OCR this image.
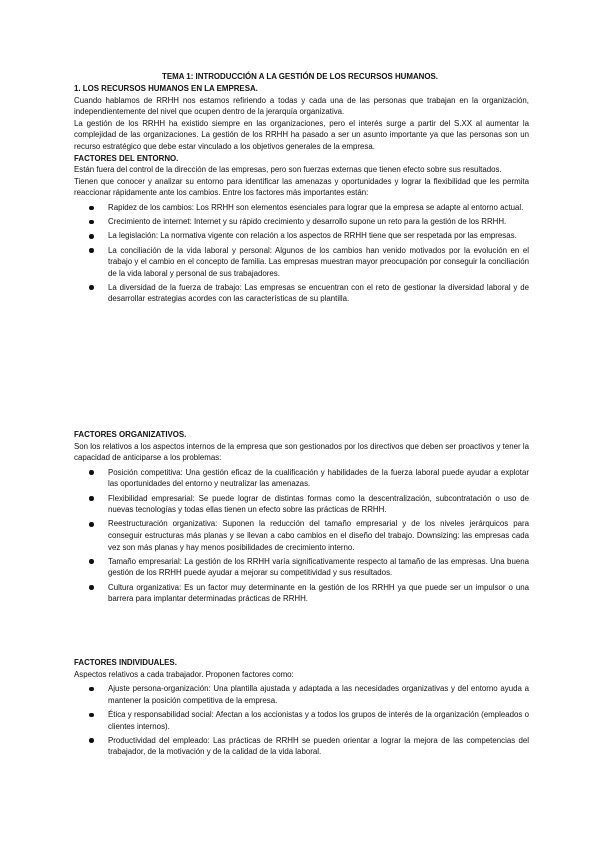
TEMA 1: INTRODUCCIÓN A LA GESTIÓN DE LOS RECURSOS HUMANOS.

1. LOS RECURSOS HUMANOS EN LA EMPRESA.

Cuando hablamos de RRHH nos estamos refiriendo a todas y cada una de las personas que trabajan en la organización, independientemente del nivel que ocupen dentro de la jerarquía organizativa.

La gestión de los RRHH ha existido siempre en las organizaciones, pero el interés surge a partir del S.XX al aumentar la complejidad de las organizaciones. La gestión de los RRHH ha pasado a ser un asunto importante ya que las personas son un recurso estratégico que debe estar vinculado a los objetivos generales de la empresa.

FACTORES DEL ENTORNO.

Están fuera del control de la dirección de las empresas, pero son fuerzas externas que tienen efecto sobre sus resultados.

Tienen que conocer y analizar su entorno para identificar las amenazas y oportunidades y lograr la flexibilidad que les permita reaccionar rápidamente ante los cambios. Entre los factores más importantes están:

Rapidez de los cambios: Los RRHH son elementos esenciales para lograr que la empresa se adapte al entorno actual.
Crecimiento de internet: Internet y su rápido crecimiento y desarrollo supone un reto para la gestión de los RRHH.
La legislación: La normativa vigente con relación a los aspectos de RRHH tiene que ser respetada por las empresas.
La conciliación de la vida laboral y personal: Algunos de los cambios han venido motivados por la evolución en el trabajo y el cambio en el concepto de familia. Las empresas muestran mayor preocupación por conseguir la conciliación de la vida laboral y personal de sus trabajadores.
La diversidad de la fuerza de trabajo: Las empresas se encuentran con el reto de gestionar la diversidad laboral y de desarrollar estrategias acordes con las características de su plantilla.

FACTORES ORGANIZATIVOS.

Son los relativos a los aspectos internos de la empresa que son gestionados por los directivos que deben ser proactivos y tener la capacidad de anticiparse a los problemas:

Posición competitiva: Una gestión eficaz de la cualificación y habilidades de la fuerza laboral puede ayudar a explotar las oportunidades del entorno y neutralizar las amenazas.
Flexibilidad empresarial: Se puede lograr de distintas formas como la descentralización, subcontratación o uso de nuevas tecnologías y todas ellas tienen un efecto sobre las prácticas de RRHH.
Reestructuración organizativa: Suponen la reducción del tamaño empresarial y de los niveles jerárquicos para conseguir estructuras más planas y se llevan a cabo cambios en el diseño del trabajo. Downsizing: las empresas cada vez son más planas y hay menos posibilidades de crecimiento interno.
Tamaño empresarial: La gestión de los RRHH varía significativamente respecto al tamaño de las empresas. Una buena gestión de los RRHH puede ayudar a mejorar su competitividad y sus resultados.
Cultura organizativa: Es un factor muy determinante en la gestión de los RRHH ya que puede ser un impulsor o una barrera para implantar determinadas prácticas de RRHH.

FACTORES INDIVIDUALES.

Aspectos relativos a cada trabajador. Proponen factores como:

Ajuste persona-organización: Una plantilla ajustada y adaptada a las necesidades organizativas y del entorno ayuda a mantener la posición competitiva de la empresa.
Ética y responsabilidad social: Afectan a los accionistas y a todos los grupos de interés de la organización (empleados o clientes internos).
Productividad del empleado: Las prácticas de RRHH se pueden orientar a lograr la mejora de las competencias del trabajador, de la motivación y de la calidad de la vida laboral.
